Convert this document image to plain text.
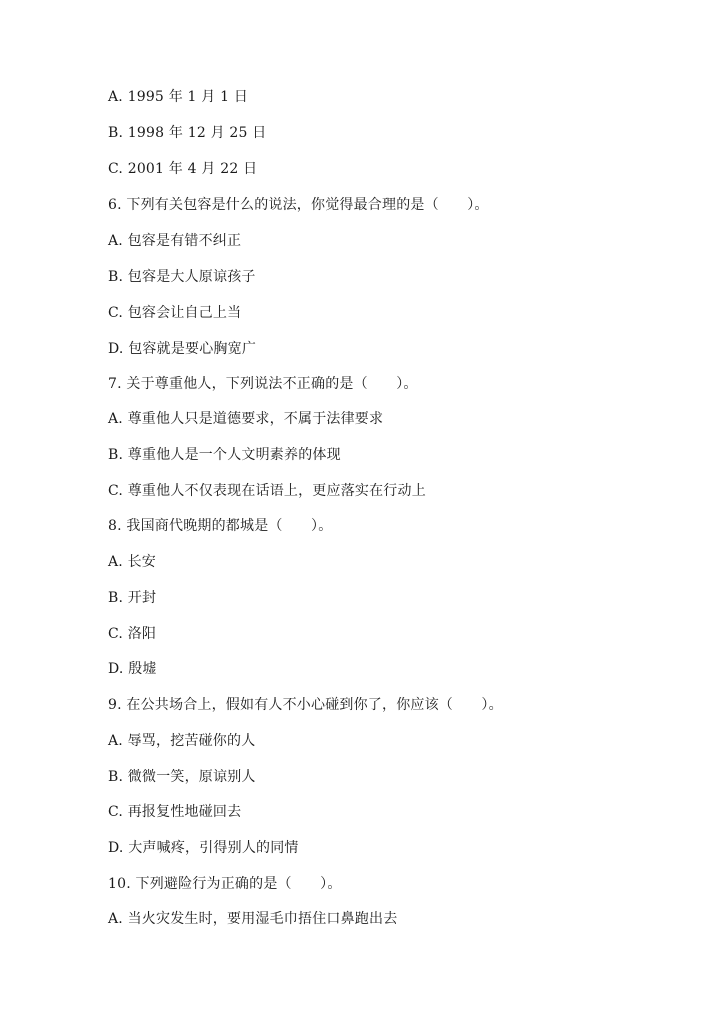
A. 1995 年 1 月 1 日
B. 1998 年 12 月 25 日
C. 2001 年 4 月 22 日
6. 下列有关包容是什么的说法，你觉得最合理的是（　　）。
A. 包容是有错不纠正
B. 包容是大人原谅孩子
C. 包容会让自己上当
D. 包容就是要心胸宽广
7. 关于尊重他人，下列说法不正确的是（　　）。
A. 尊重他人只是道德要求，不属于法律要求
B. 尊重他人是一个人文明素养的体现
C. 尊重他人不仅表现在话语上，更应落实在行动上
8. 我国商代晚期的都城是（　　）。
A. 长安
B. 开封
C. 洛阳
D. 殷墟
9. 在公共场合上，假如有人不小心碰到你了，你应该（　　）。
A. 辱骂，挖苦碰你的人
B. 微微一笑，原谅别人
C. 再报复性地碰回去
D. 大声喊疼，引得别人的同情
10. 下列避险行为正确的是（　　）。
A. 当火灾发生时，要用湿毛巾捂住口鼻跑出去
